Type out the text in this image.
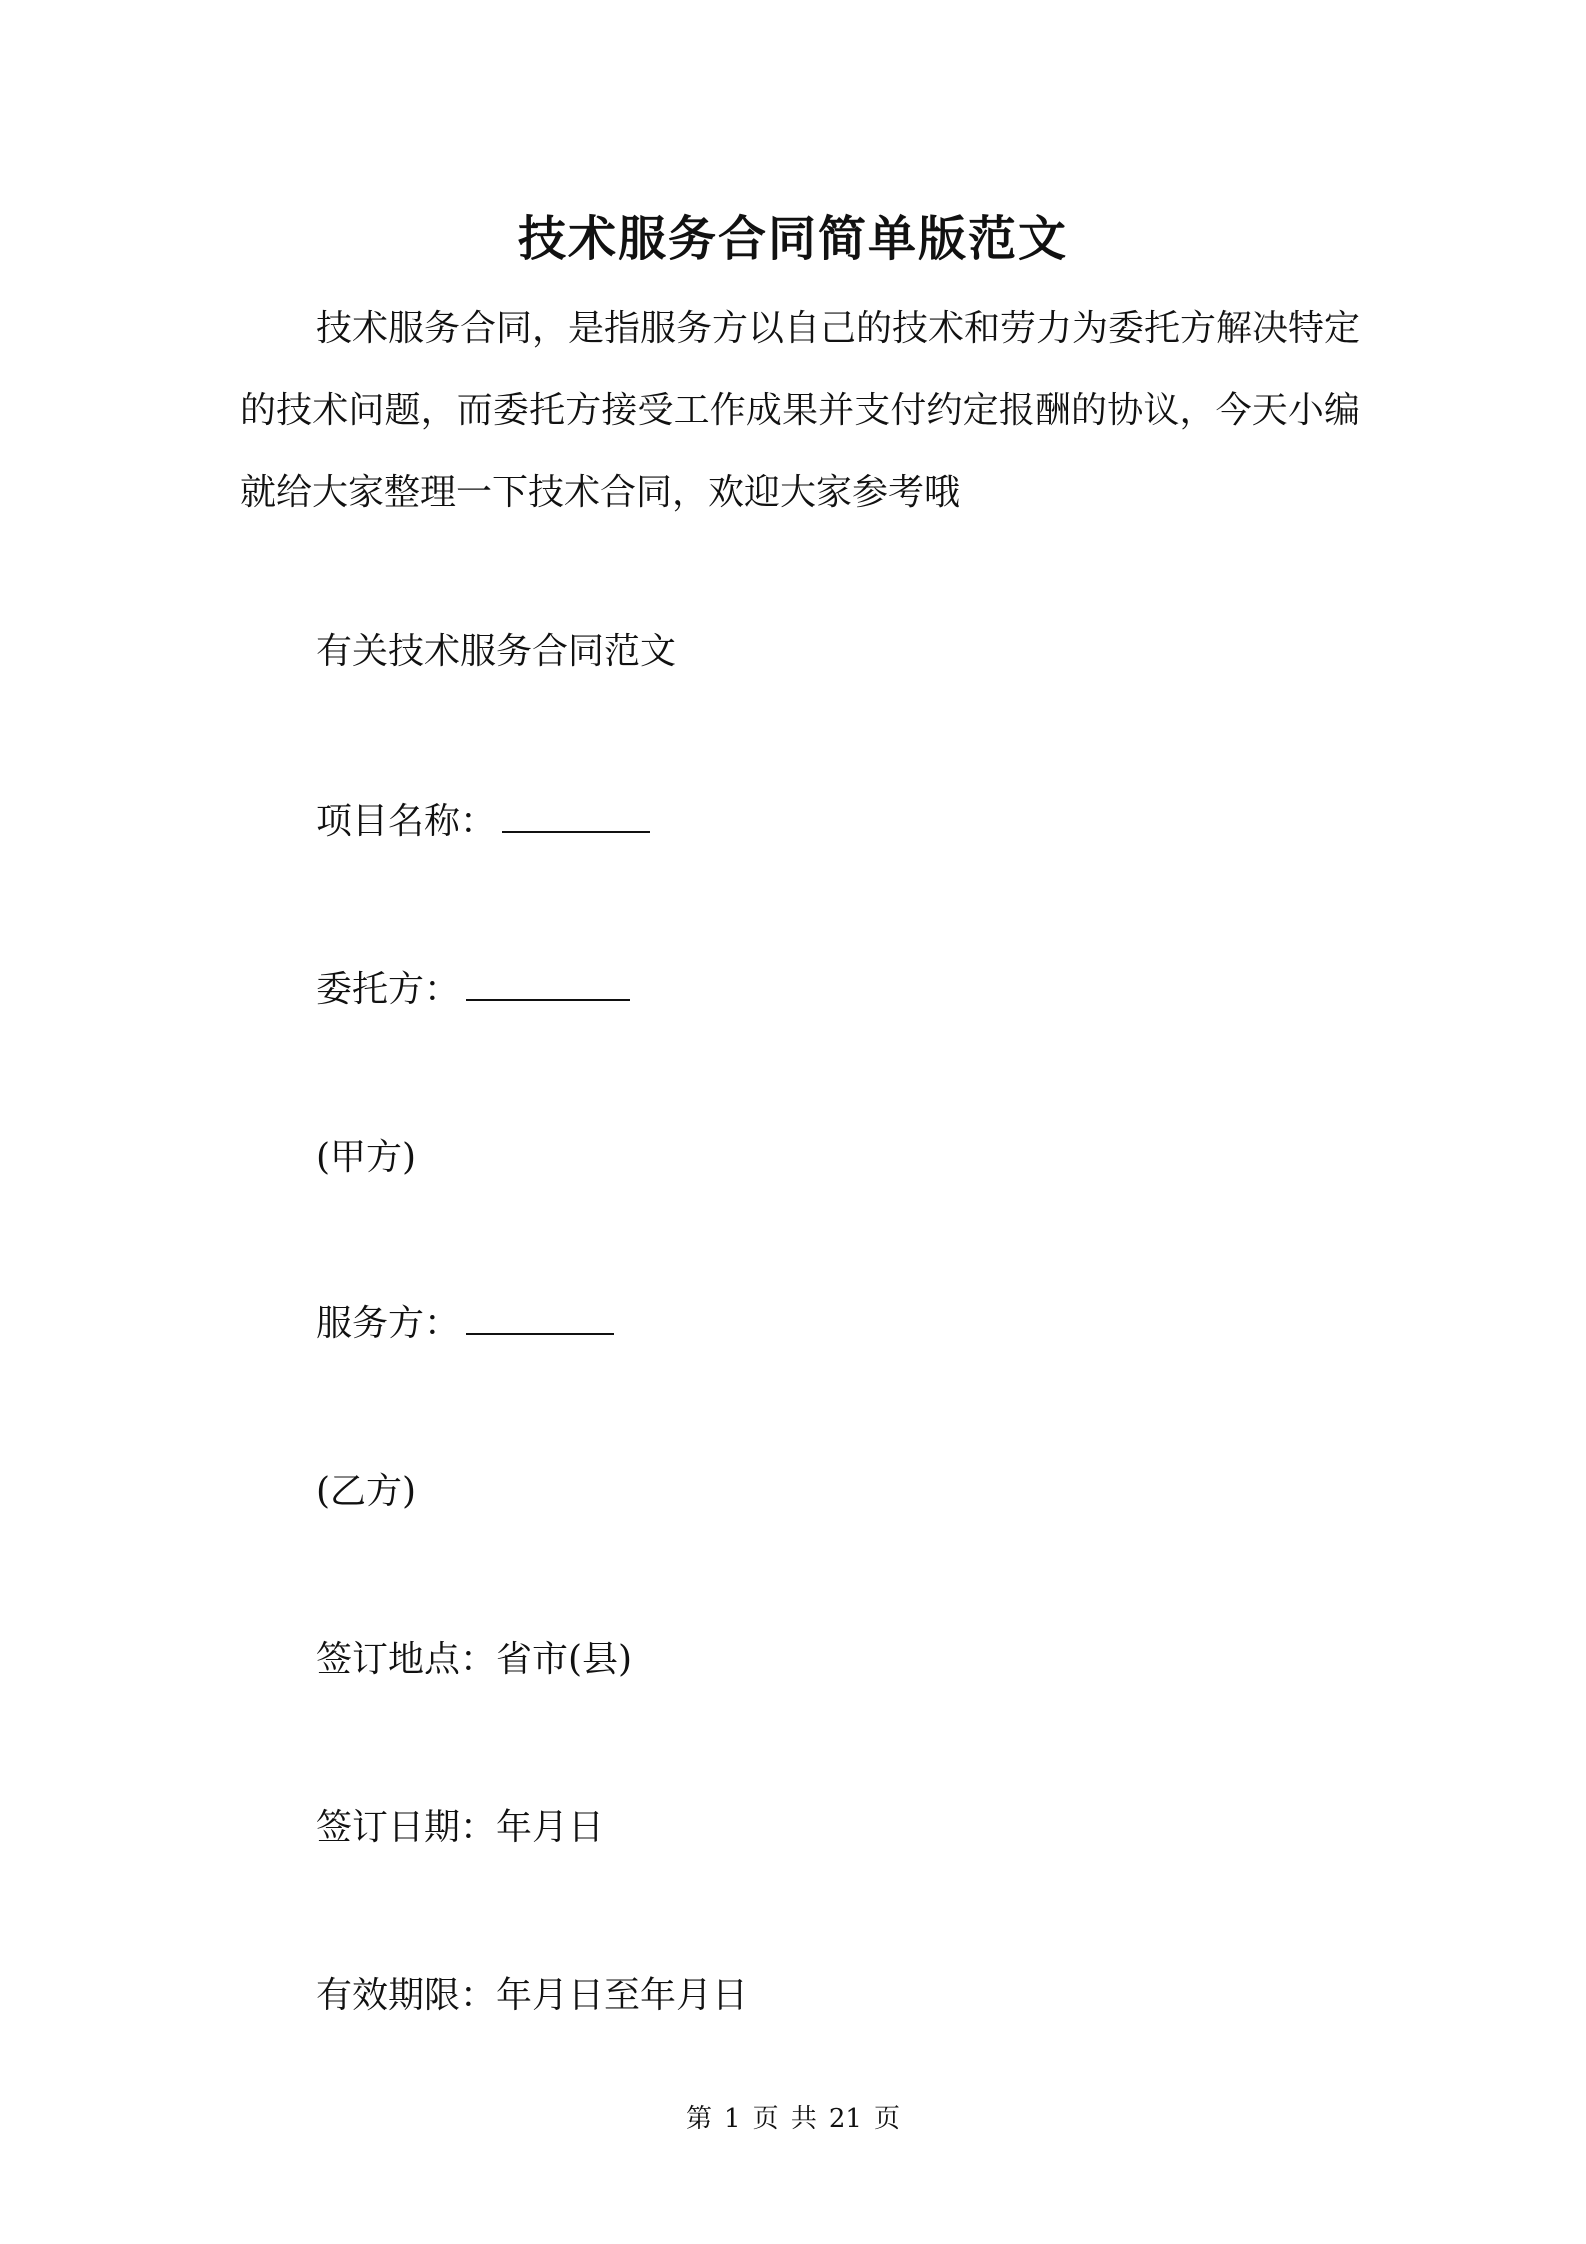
技术服务合同简单版范文

技术服务合同，是指服务方以自己的技术和劳力为委托方解决特定的技术问题，而委托方接受工作成果并支付约定报酬的协议，今天小编就给大家整理一下技术合同，欢迎大家参考哦

有关技术服务合同范文

项目名称：

委托方：

(甲方)

服务方：

(乙方)

签订地点：省市(县)

签订日期：年月日

有效期限：年月日至年月日

第 1 页 共 21 页
